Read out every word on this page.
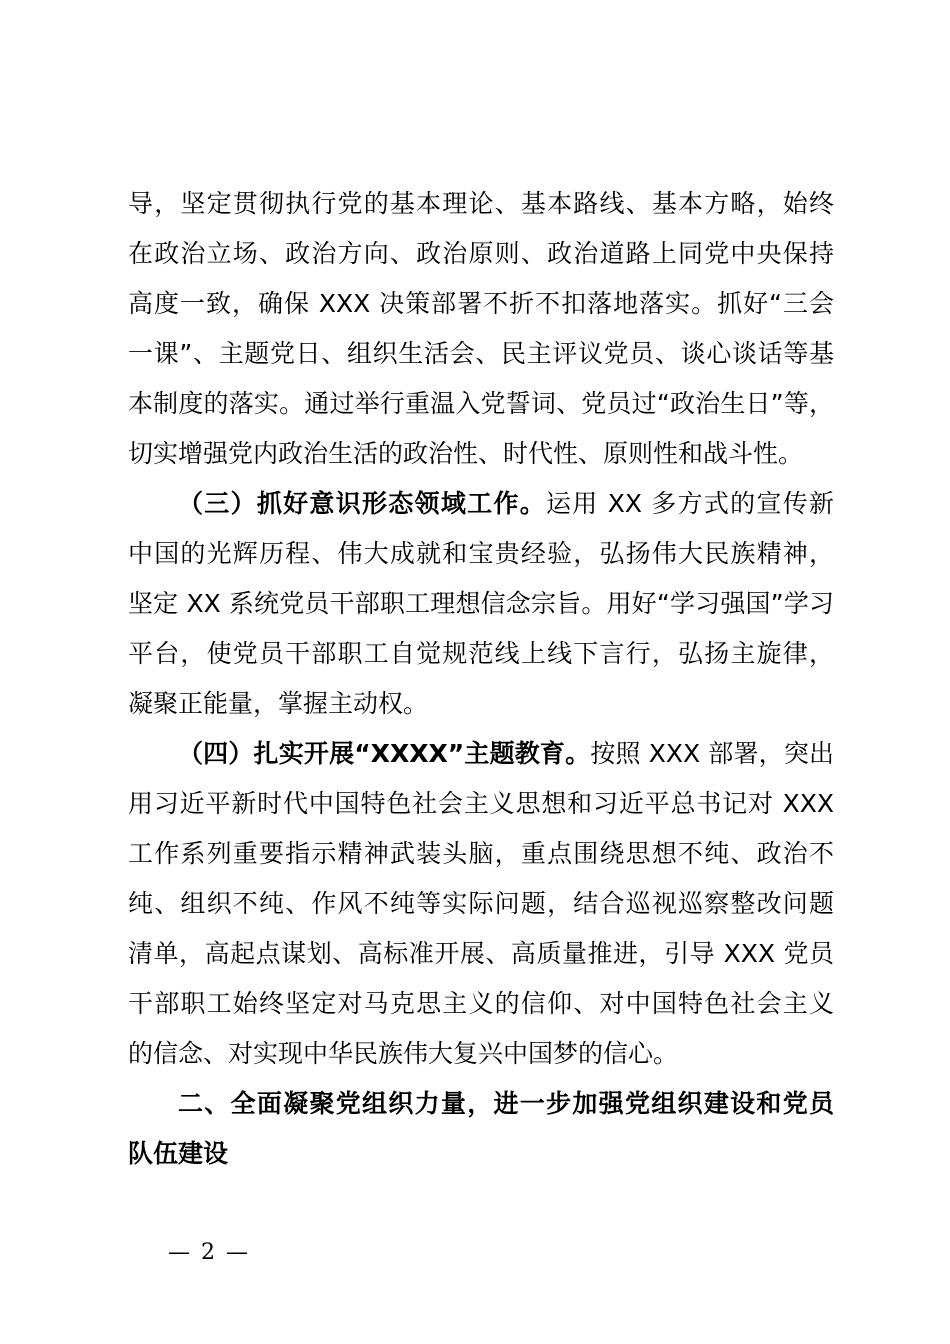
导，坚定贯彻执行党的基本理论、基本路线、基本方略，始终
在政治立场、政治方向、政治原则、政治道路上同党中央保持
高度一致，确保 XXX 决策部署不折不扣落地落实。抓好“三会
一课”、主题党日、组织生活会、民主评议党员、谈心谈话等基
本制度的落实。通过举行重温入党誓词、党员过“政治生日”等，
切实增强党内政治生活的政治性、时代性、原则性和战斗性。
（三）抓好意识形态领域工作。运用 XX 多方式的宣传新
中国的光辉历程、伟大成就和宝贵经验，弘扬伟大民族精神，
坚定 XX 系统党员干部职工理想信念宗旨。用好“学习强国”学习
平台，使党员干部职工自觉规范线上线下言行，弘扬主旋律，
凝聚正能量，掌握主动权。
（四）扎实开展“XXXX”主题教育。按照 XXX 部署，突出
用习近平新时代中国特色社会主义思想和习近平总书记对 XXX
工作系列重要指示精神武装头脑，重点围绕思想不纯、政治不
纯、组织不纯、作风不纯等实际问题，结合巡视巡察整改问题
清单，高起点谋划、高标准开展、高质量推进，引导 XXX 党员
干部职工始终坚定对马克思主义的信仰、对中国特色社会主义
的信念、对实现中华民族伟大复兴中国梦的信心。
二、全面凝聚党组织力量，进一步加强党组织建设和党员
队伍建设
— 2 —
